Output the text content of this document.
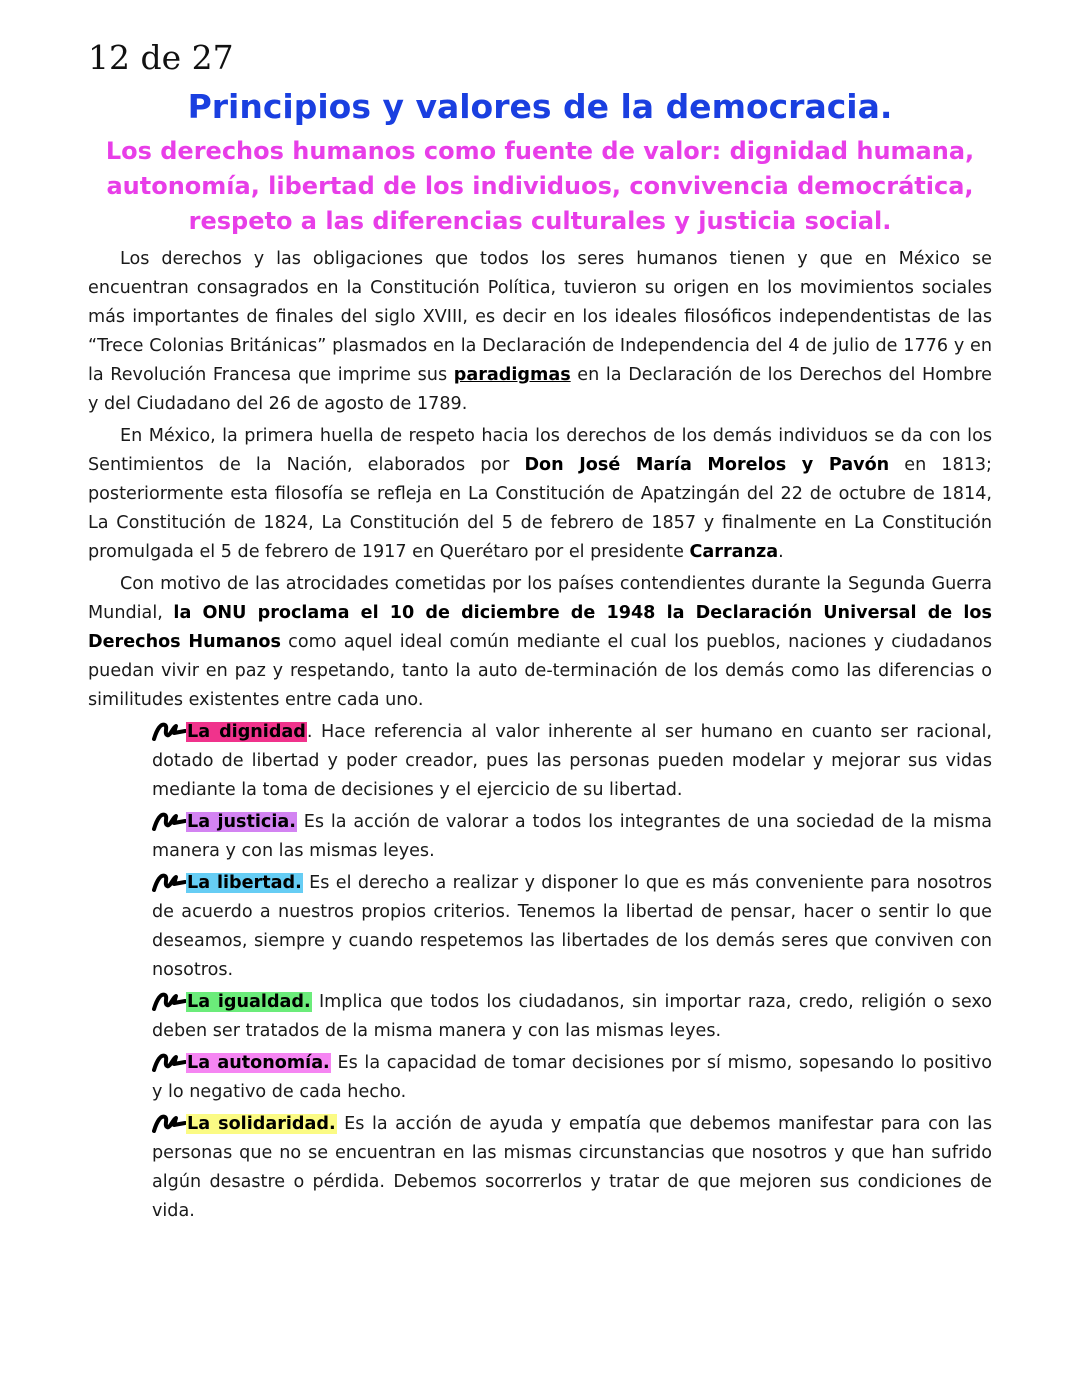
12 de 27
Principios y valores de la democracia.
Los derechos humanos como fuente de valor: dignidad humana, autonomía, libertad de los individuos, convivencia democrática, respeto a las diferencias culturales y justicia social.

Los derechos y las obligaciones que todos los seres humanos tienen y que en México se encuentran consagrados en la Constitución Política, tuvieron su origen en los movimientos sociales más importantes de finales del siglo XVIII, es decir en los ideales filosóficos independentistas de las “Trece Colonias Británicas” plasmados en la Declaración de Independencia del 4 de julio de 1776 y en la Revolución Francesa que imprime sus paradigmas en la Declaración de los Derechos del Hombre y del Ciudadano del 26 de agosto de 1789.

En México, la primera huella de respeto hacia los derechos de los demás individuos se da con los Sentimientos de la Nación, elaborados por Don José María Morelos y Pavón en 1813; posteriormente esta filosofía se refleja en La Constitución de Apatzingán del 22 de octubre de 1814, La Constitución de 1824, La Constitución del 5 de febrero de 1857 y finalmente en La Constitución promulgada el 5 de febrero de 1917 en Querétaro por el presidente Carranza.

Con motivo de las atrocidades cometidas por los países contendientes durante la Segunda Guerra Mundial, la ONU proclama el 10 de diciembre de 1948 la Declaración Universal de los Derechos Humanos como aquel ideal común mediante el cual los pueblos, naciones y ciudadanos puedan vivir en paz y respetando, tanto la auto de-terminación de los demás como las diferencias o similitudes existentes entre cada uno.

La dignidad. Hace referencia al valor inherente al ser humano en cuanto ser racional, dotado de libertad y poder creador, pues las personas pueden modelar y mejorar sus vidas mediante la toma de decisiones y el ejercicio de su libertad.

La justicia. Es la acción de valorar a todos los integrantes de una sociedad de la misma manera y con las mismas leyes.

La libertad. Es el derecho a realizar y disponer lo que es más conveniente para nosotros de acuerdo a nuestros propios criterios. Tenemos la libertad de pensar, hacer o sentir lo que deseamos, siempre y cuando respetemos las libertades de los demás seres que conviven con nosotros.

La igualdad. Implica que todos los ciudadanos, sin importar raza, credo, religión o sexo deben ser tratados de la misma manera y con las mismas leyes.

La autonomía. Es la capacidad de tomar decisiones por sí mismo, sopesando lo positivo y lo negativo de cada hecho.

La solidaridad. Es la acción de ayuda y empatía que debemos manifestar para con las personas que no se encuentran en las mismas circunstancias que nosotros y que han sufrido algún desastre o pérdida. Debemos socorrerlos y tratar de que mejoren sus condiciones de vida.
